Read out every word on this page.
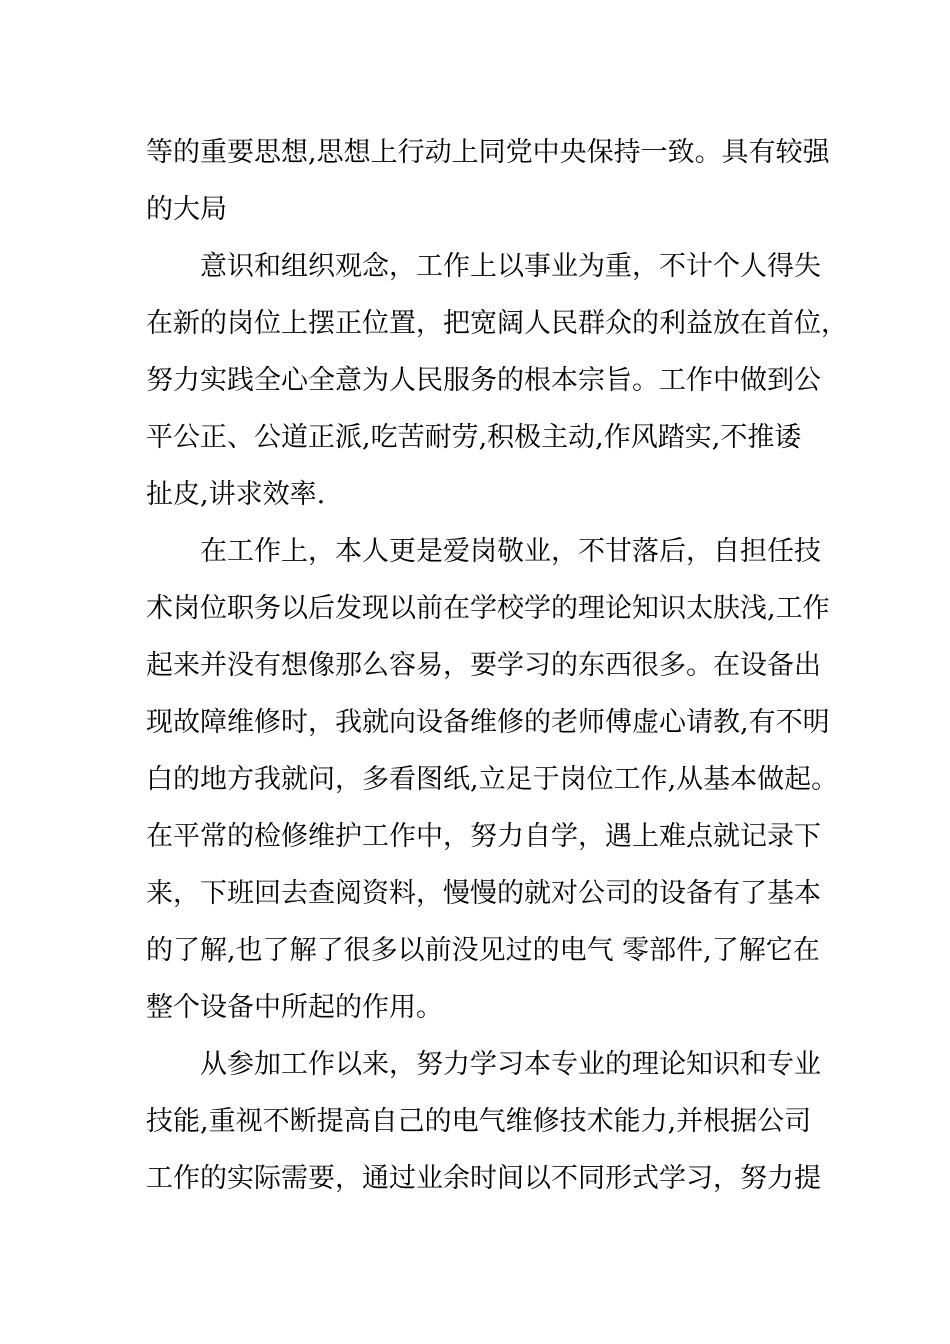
等的重要思想,思想上行动上同党中央保持一致。具有较强

的大局

意识和组织观念，工作上以事业为重，不计个人得失

在新的岗位上摆正位置，把宽阔人民群众的利益放在首位，

努力实践全心全意为人民服务的根本宗旨。工作中做到公

平公正、公道正派,吃苦耐劳,积极主动,作风踏实,不推诿

扯皮,讲求效率.

在工作上，本人更是爱岗敬业，不甘落后，自担任技

术岗位职务以后发现以前在学校学的理论知识太肤浅,工作

起来并没有想像那么容易，要学习的东西很多。在设备出

现故障维修时，我就向设备维修的老师傅虚心请教,有不明

白的地方我就问，多看图纸,立足于岗位工作,从基本做起。

在平常的检修维护工作中，努力自学，遇上难点就记录下

来，下班回去查阅资料，慢慢的就对公司的设备有了基本

的了解,也了解了很多以前没见过的电气 零部件,了解它在

整个设备中所起的作用。

从参加工作以来，努力学习本专业的理论知识和专业

技能,重视不断提高自己的电气维修技术能力,并根据公司

工作的实际需要，通过业余时间以不同形式学习，努力提
